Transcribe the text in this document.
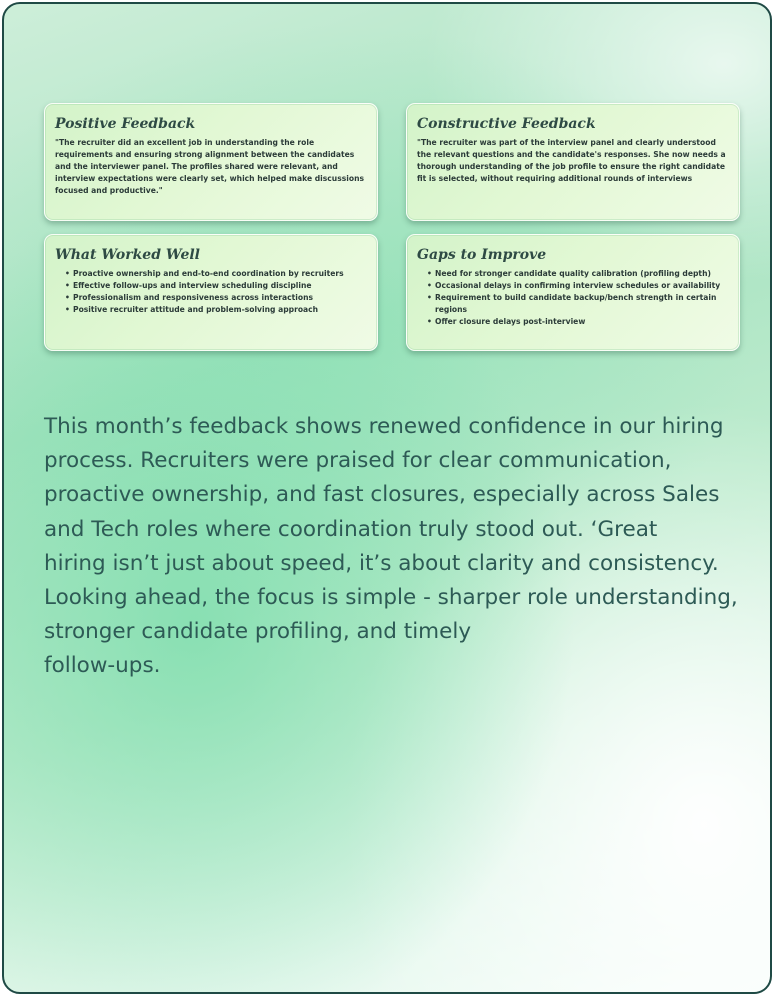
Positive Feedback

"The recruiter did an excellent job in understanding the role requirements and ensuring strong alignment between the candidates and the interviewer panel. The profiles shared were relevant, and interview expectations were clearly set, which helped make discussions focused and productive."

Constructive Feedback

"The recruiter was part of the interview panel and clearly understood the relevant questions and the candidate's responses. She now needs a thorough understanding of the job profile to ensure the right candidate fit is selected, without requiring additional rounds of interviews

What Worked Well
• Proactive ownership and end-to-end coordination by recruiters
• Effective follow-ups and interview scheduling discipline
• Professionalism and responsiveness across interactions
• Positive recruiter attitude and problem-solving approach
Gaps to Improve
• Need for stronger candidate quality calibration (profiling depth)
• Occasional delays in confirming interview schedules or availability
• Requirement to build candidate backup/bench strength in certain regions
• Offer closure delays post-interview

This month’s feedback shows renewed confidence in our hiring
process. Recruiters were praised for clear communication,
proactive ownership, and fast closures, especially across Sales
and Tech roles where coordination truly stood out. ‘Great
hiring isn’t just about speed, it’s about clarity and consistency.
Looking ahead, the focus is simple - sharper role understanding,
stronger candidate profiling, and timely
follow-ups.
